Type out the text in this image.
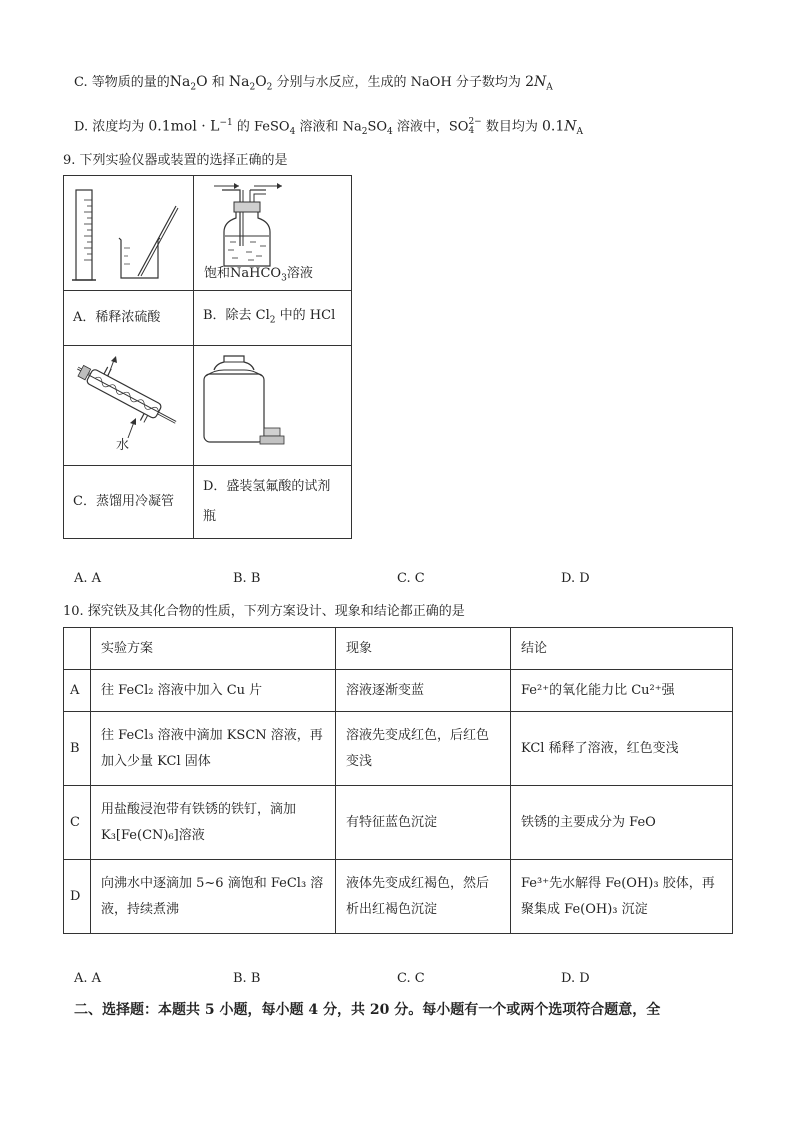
C. 等物质的量的$Na_2O$ 和 $Na_2O_2$ 分别与水反应，生成的 NaOH 分子数均为 $2N_A$
D. 浓度均为 $0.1mol \cdot L^{-1}$ 的 FeSO$_4$ 溶液和 $Na_2SO_4$ 溶液中，SO2−
4 数目均为 $0.1N_A$
9. 下列实验仪器或装置的选择正确的是

饱和NaHCO$_3$溶液

A．稀释浓硫酸	B．除去 $Cl_2$ 中的 HCl

水

C．蒸馏用冷凝管	D．盛装氢氟酸的试剂
瓶
A. A	B. B	C. C	D. D
10. 探究铁及其化合物的性质，下列方案设计、现象和结论都正确的是
	实验方案	现象	结论
A	往 FeCl₂ 溶液中加入 Cu 片	溶液逐渐变蓝	Fe²⁺的氧化能力比 Cu²⁺强
B	往 FeCl₃ 溶液中滴加 KSCN 溶液，再加入少量 KCl 固体	溶液先变成红色，后红色变浅	KCl 稀释了溶液，红色变浅
C	用盐酸浸泡带有铁锈的铁钉，滴加 K₃[Fe(CN)₆]溶液	有特征蓝色沉淀	铁锈的主要成分为 FeO
D	向沸水中逐滴加 5~6 滴饱和 FeCl₃ 溶液，持续煮沸	液体先变成红褐色，然后析出红褐色沉淀	Fe³⁺先水解得 Fe(OH)₃ 胶体，再聚集成 Fe(OH)₃ 沉淀
A. A	B. B	C. C	D. D
二、选择题：本题共 5 小题，每小题 4 分，共 20 分。每小题有一个或两个选项符合题意，全
